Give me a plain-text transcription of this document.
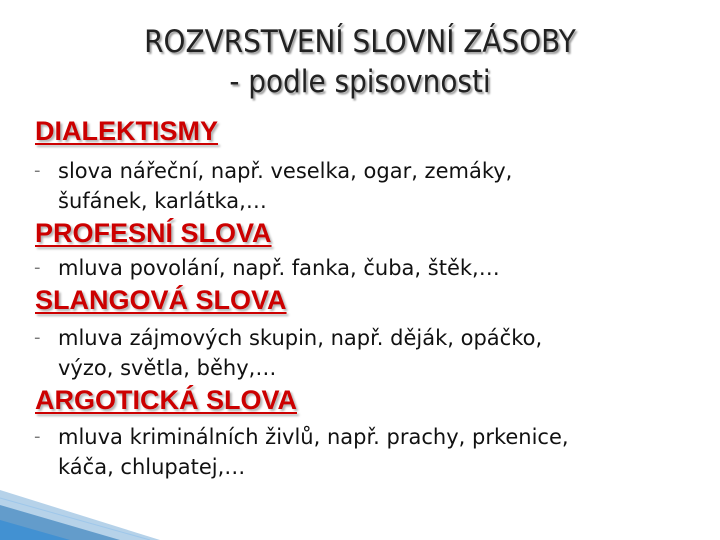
ROZVRSTVENÍ SLOVNÍ ZÁSOBY
- podle spisovnosti
DIALEKTISMY
- slova nářeční, např. veselka, ogar, zemáky,
šufánek, karlátka,…
PROFESNÍ SLOVA
- mluva povolání, např. fanka, čuba, štěk,…
SLANGOVÁ SLOVA
- mluva zájmových skupin, např. děják, opáčko,
výzo, světla, běhy,…
ARGOTICKÁ SLOVA
- mluva kriminálních živlů, např. prachy, prkenice,
káča, chlupatej,…
